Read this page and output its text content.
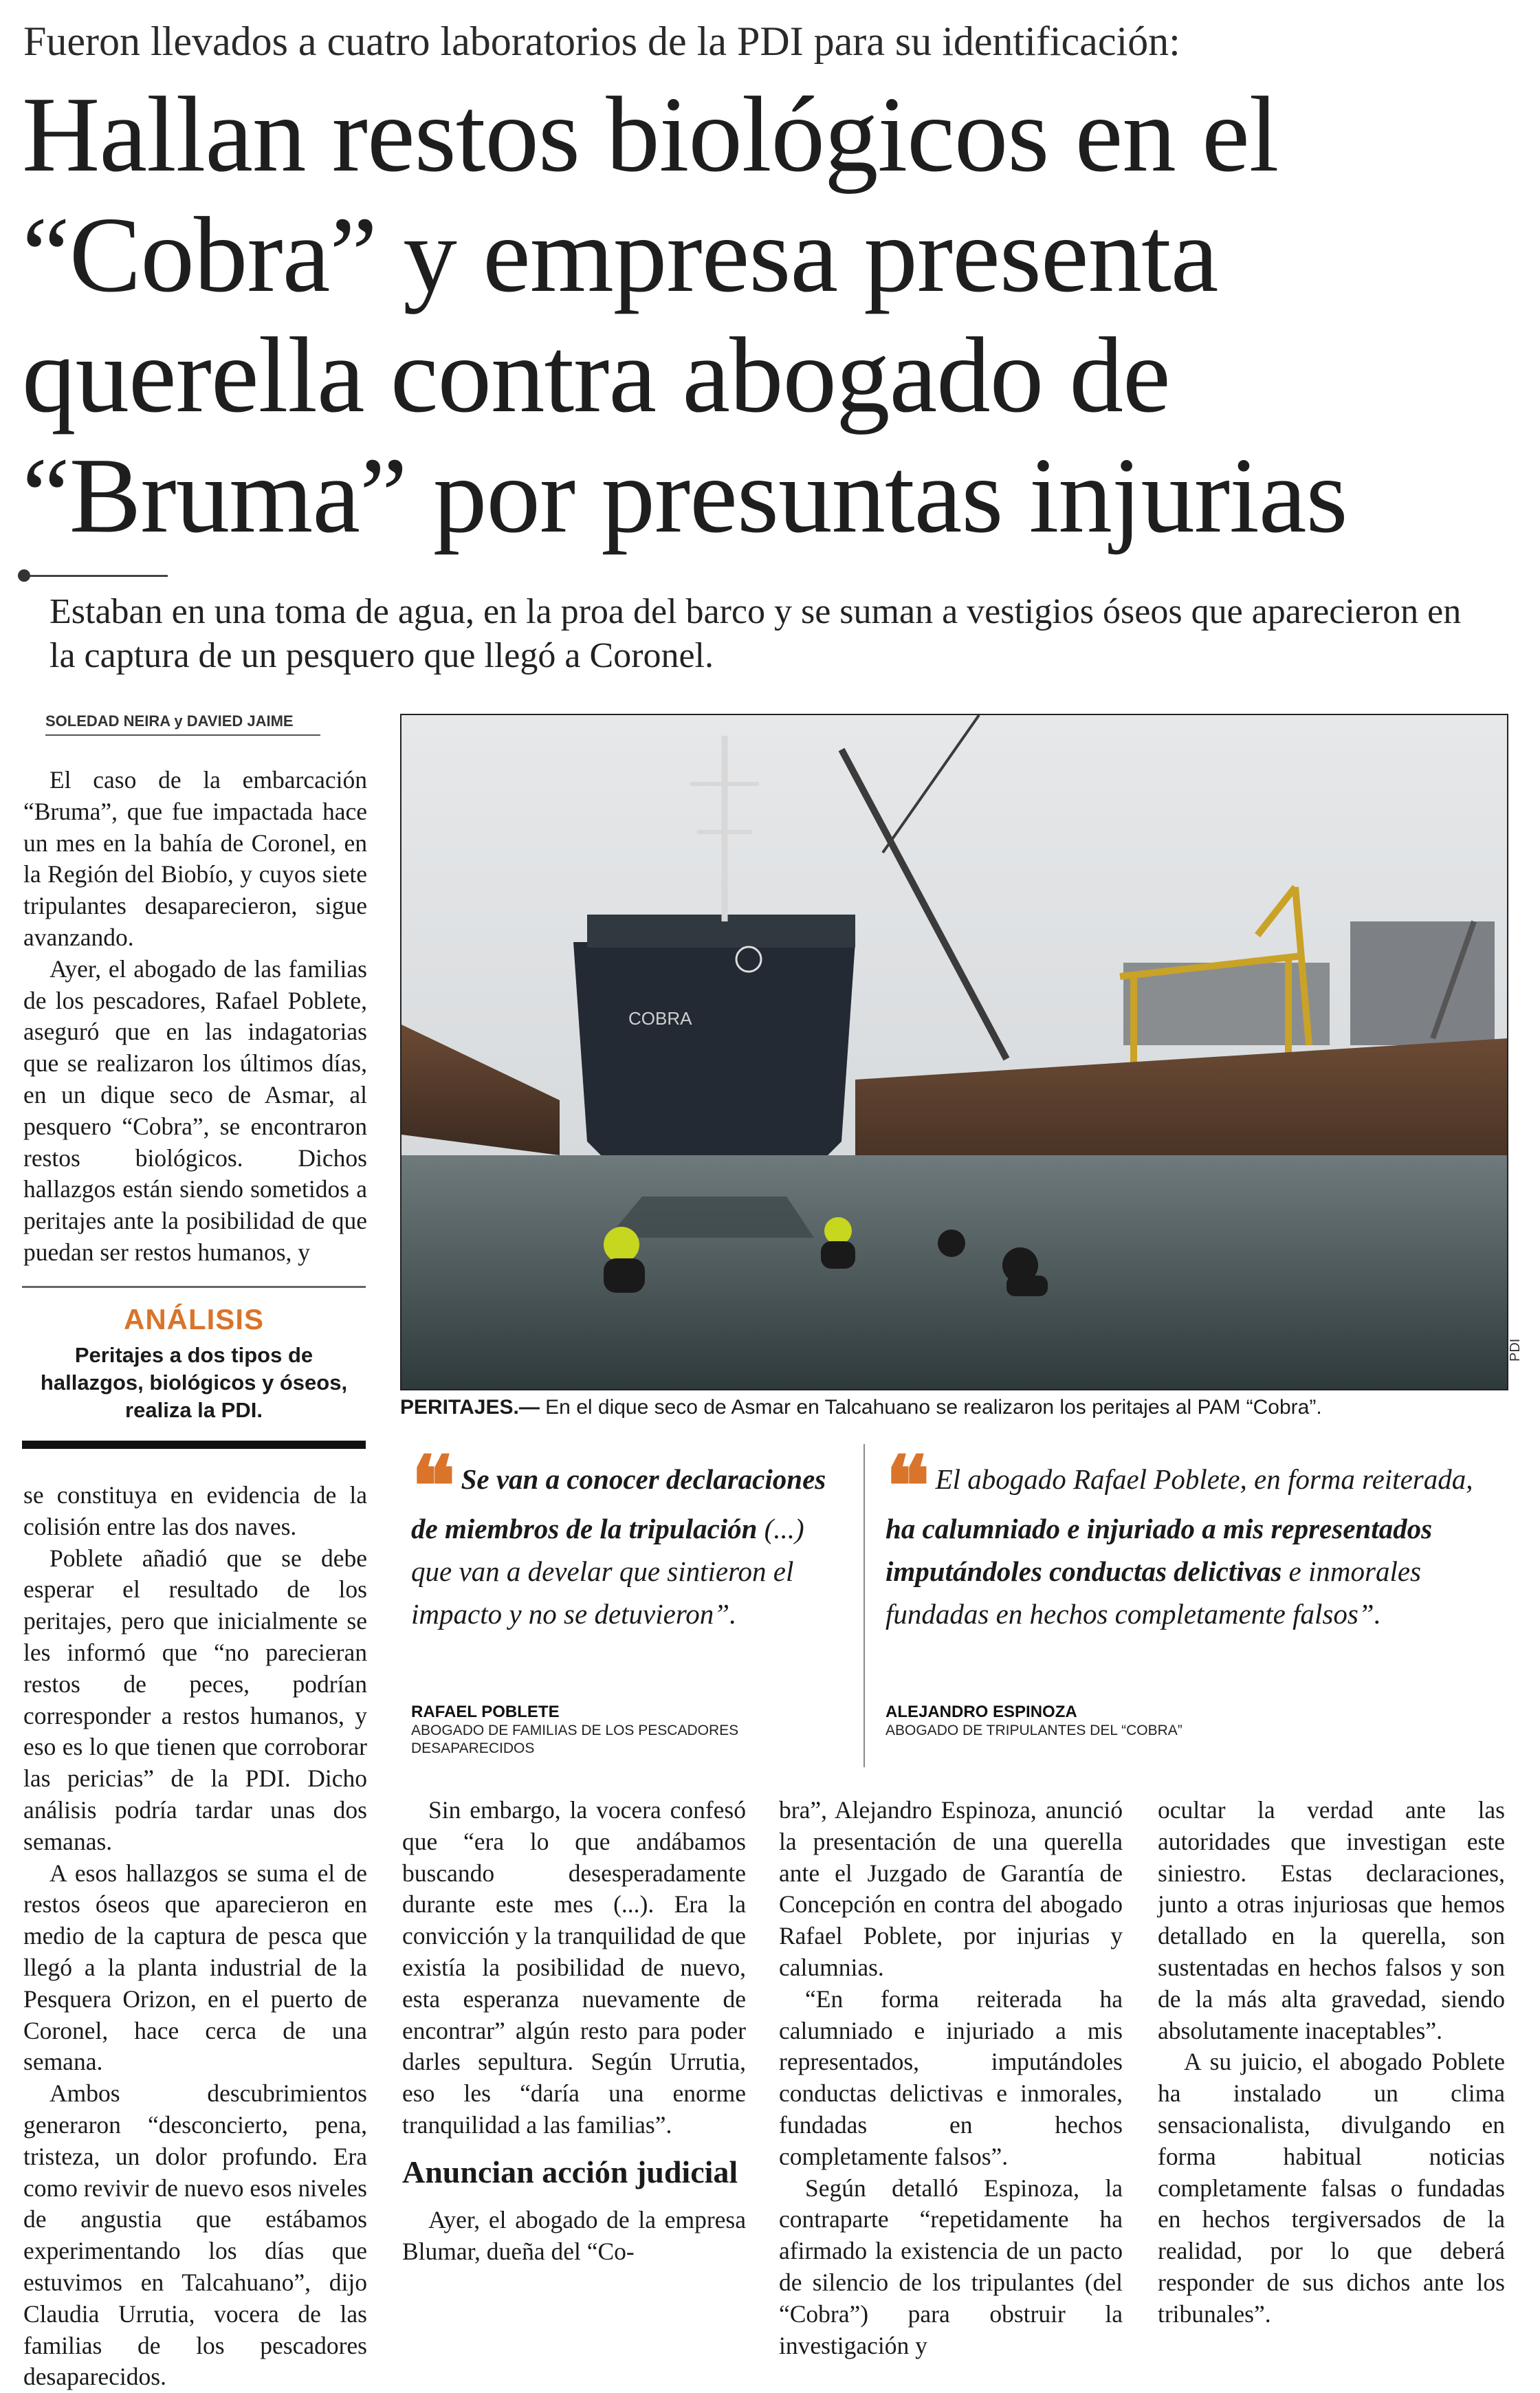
Fueron llevados a cuatro laboratorios de la PDI para su identificación:
Hallan restos biológicos en el “Cobra” y empresa presenta querella contra abogado de “Bruma” por presuntas injurias
Estaban en una toma de agua, en la proa del barco y se suman a vestigios óseos que aparecieron en la captura de un pesquero que llegó a Coronel.
SOLEDAD NEIRA y DAVIED JAIME

El caso de la embarcación “Bruma”, que fue impactada hace un mes en la bahía de Coronel, en la Región del Biobío, y cuyos siete tripulantes desaparecieron, sigue avanzando.

Ayer, el abogado de las familias de los pescadores, Rafael Poblete, aseguró que en las indagatorias que se realizaron los últimos días, en un dique seco de Asmar, al pesquero “Cobra”, se encontraron restos biológicos. Dichos hallazgos están siendo sometidos a peritajes ante la posibilidad de que puedan ser restos humanos, y

ANÁLISIS
Peritajes a dos tipos de hallazgos, biológicos y óseos, realiza la PDI.

se constituya en evidencia de la colisión entre las dos naves.

Poblete añadió que se debe esperar el resultado de los peritajes, pero que inicialmente se les informó que “no parecieran restos de peces, podrían corresponder a restos humanos, y eso es lo que tienen que corroborar las pericias” de la PDI. Dicho análisis podría tardar unas dos semanas.

A esos hallazgos se suma el de restos óseos que aparecieron en medio de la captura de pesca que llegó a la planta industrial de la Pesquera Orizon, en el puerto de Coronel, hace cerca de una semana.

Ambos descubrimientos generaron “desconcierto, pena, tristeza, un dolor profundo. Era como revivir de nuevo esos niveles de angustia que estábamos experimentando los días que estuvimos en Talcahuano”, dijo Claudia Urrutia, vocera de las familias de los pescadores desaparecidos.

COBRA
PDI
PERITAJES.— En el dique seco de Asmar en Talcahuano se realizaron los peritajes al PAM “Cobra”.
❝ Se van a conocer declaraciones de miembros de la tripulación (...) que van a develar que sintieron el impacto y no se detuvieron”.
RAFAEL POBLETE
ABOGADO DE FAMILIAS DE LOS PESCADORES DESAPARECIDOS
❝ El abogado Rafael Poblete, en forma reiterada, ha calumniado e injuriado a mis representados imputándoles conductas delictivas e inmorales fundadas en hechos completamente falsos”.
ALEJANDRO ESPINOZA
ABOGADO DE TRIPULANTES DEL “COBRA”

Sin embargo, la vocera confesó que “era lo que andábamos buscando desesperadamente durante este mes (...). Era la convicción y la tranquilidad de que existía la posibilidad de nuevo, esta esperanza nuevamente de encontrar” algún resto para poder darles sepultura. Según Urrutia, eso les “daría una enorme tranquilidad a las familias”.

Anuncian acción judicial

Ayer, el abogado de la empresa Blumar, dueña del “Co-

bra”, Alejandro Espinoza, anunció la presentación de una querella ante el Juzgado de Garantía de Concepción en contra del abogado Rafael Poblete, por injurias y calumnias.

“En forma reiterada ha calumniado e injuriado a mis representados, imputándoles conductas delictivas e inmorales, fundadas en hechos completamente falsos”.

Según detalló Espinoza, la contraparte “repetidamente ha afirmado la existencia de un pacto de silencio de los tripulantes (del “Cobra”) para obstruir la investigación y

ocultar la verdad ante las autoridades que investigan este siniestro. Estas declaraciones, junto a otras injuriosas que hemos detallado en la querella, son sustentadas en hechos falsos y son de la más alta gravedad, siendo absolutamente inaceptables”.

A su juicio, el abogado Poblete ha instalado un clima sensacionalista, divulgando en forma habitual noticias completamente falsas o fundadas en hechos tergiversados de la realidad, por lo que deberá responder de sus dichos ante los tribunales”.
